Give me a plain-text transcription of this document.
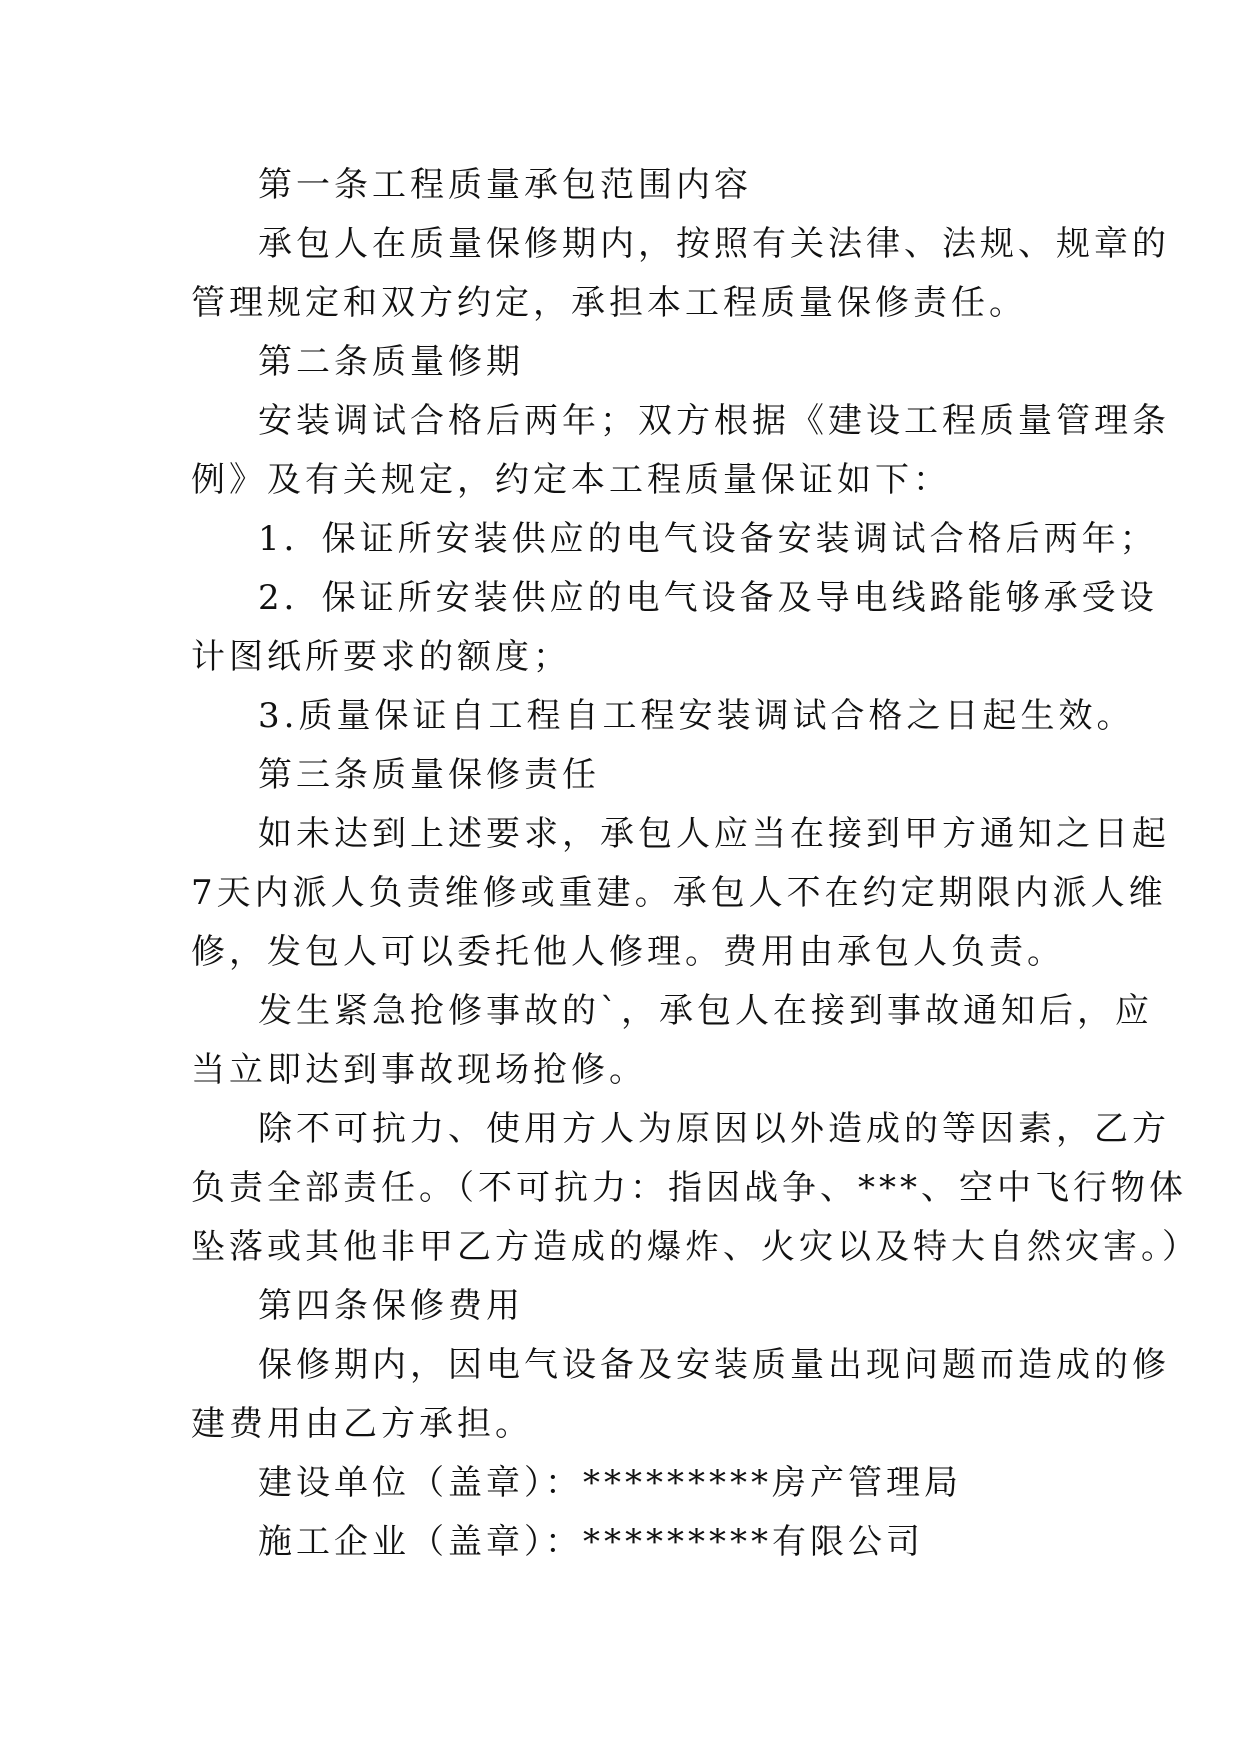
第一条工程质量承包范围内容
承包人在质量保修期内，按照有关法律、法规、规章的
管理规定和双方约定，承担本工程质量保修责任。
第二条质量修期
安装调试合格后两年；双方根据《建设工程质量管理条
例》及有关规定，约定本工程质量保证如下：
1．保证所安装供应的电气设备安装调试合格后两年；
2．保证所安装供应的电气设备及导电线路能够承受设
计图纸所要求的额度；
3.质量保证自工程自工程安装调试合格之日起生效。
第三条质量保修责任
如未达到上述要求，承包人应当在接到甲方通知之日起
7天内派人负责维修或重建。承包人不在约定期限内派人维
修，发包人可以委托他人修理。费用由承包人负责。
发生紧急抢修事故的`，承包人在接到事故通知后，应
当立即达到事故现场抢修。
除不可抗力、使用方人为原因以外造成的等因素，乙方
负责全部责任。（不可抗力：指因战争、***、空中飞行物体
坠落或其他非甲乙方造成的爆炸、火灾以及特大自然灾害。）
第四条保修费用
保修期内，因电气设备及安装质量出现问题而造成的修
建费用由乙方承担。
建设单位（盖章）：*********房产管理局
施工企业（盖章）：*********有限公司
